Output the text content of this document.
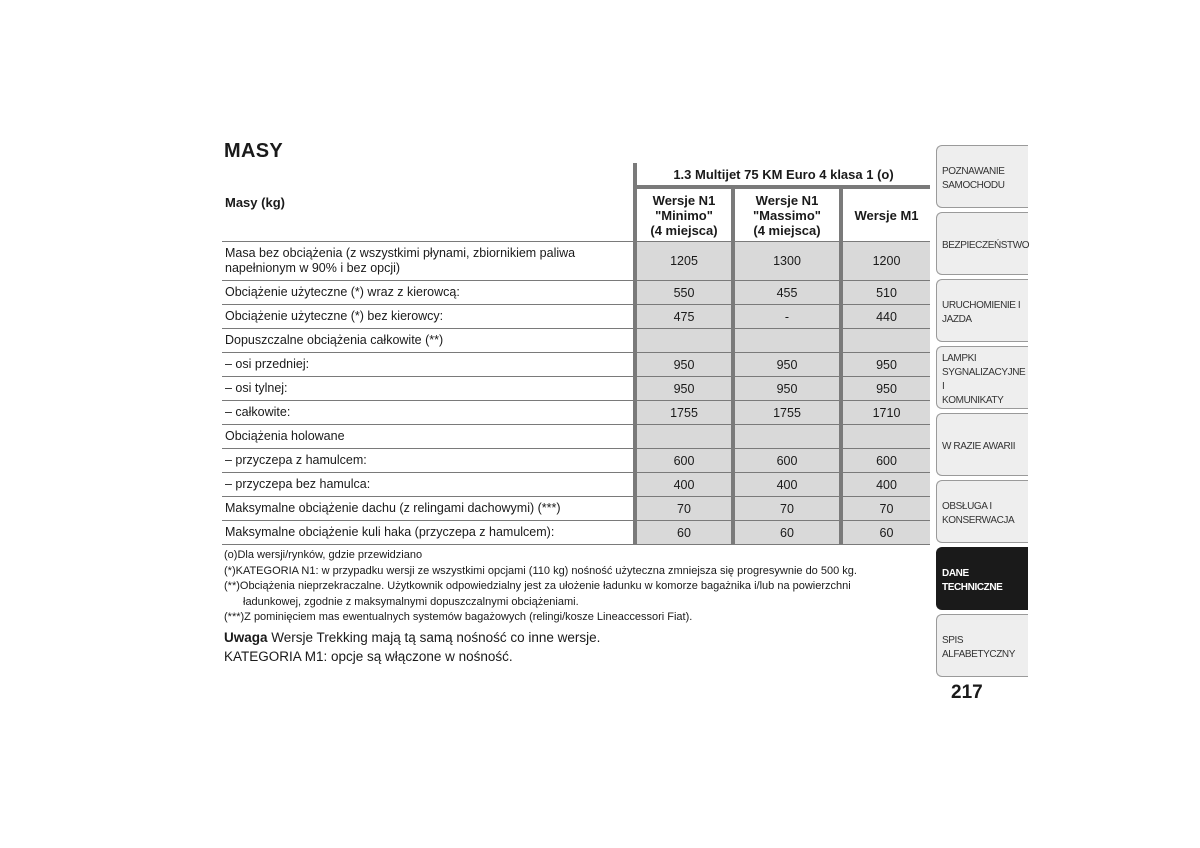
MASY
Masy (kg)	1.3 Multijet 75 KM Euro 4 klasa 1 (o)		
	Wersje N1
"Minimo"
(4 miejsca)	Wersje N1
"Massimo"
(4 miejsca)	Wersje M1
Masa bez obciążenia (z wszystkimi płynami, zbiornikiem paliwa napełnionym w 90% i bez opcji)	1205	1300	1200
Obciążenie użyteczne (*) wraz z kierowcą:	550	455	510
Obciążenie użyteczne (*) bez kierowcy:	475	-	440
Dopuszczalne obciążenia całkowite (**)			
– osi przedniej:	950	950	950
– osi tylnej:	950	950	950
– całkowite:	1755	1755	1710
Obciążenia holowane			
– przyczepa z hamulcem:	600	600	600
– przyczepa bez hamulca:	400	400	400
Maksymalne obciążenie dachu (z relingami dachowymi) (***)	70	70	70
Maksymalne obciążenie kuli haka (przyczepa z hamulcem):	60	60	60

(o)Dla wersji/rynków, gdzie przewidziano

(*)KATEGORIA N1: w przypadku wersji ze wszystkimi opcjami (110 kg) nośność użyteczna zmniejsza się progresywnie do 500 kg.

(**)Obciążenia nieprzekraczalne. Użytkownik odpowiedzialny jest za ułożenie ładunku w komorze bagażnika i/lub na powierzchni

ładunkowej, zgodnie z maksymalnymi dopuszczalnymi obciążeniami.

(***)Z pominięciem mas ewentualnych systemów bagażowych (relingi/kosze Lineaccessori Fiat).

Uwaga Wersje Trekking mają tą samą nośność co inne wersje.

KATEGORIA M1: opcje są włączone w nośność.

POZNAWANIE
SAMOCHODU
BEZPIECZEŃSTWO
URUCHOMIENIE I
JAZDA
LAMPKI
SYGNALIZACYJNE I
KOMUNIKATY
W RAZIE AWARII
OBSŁUGA I
KONSERWACJA
DANE
TECHNICZNE
SPIS ALFABETYCZNY
217
